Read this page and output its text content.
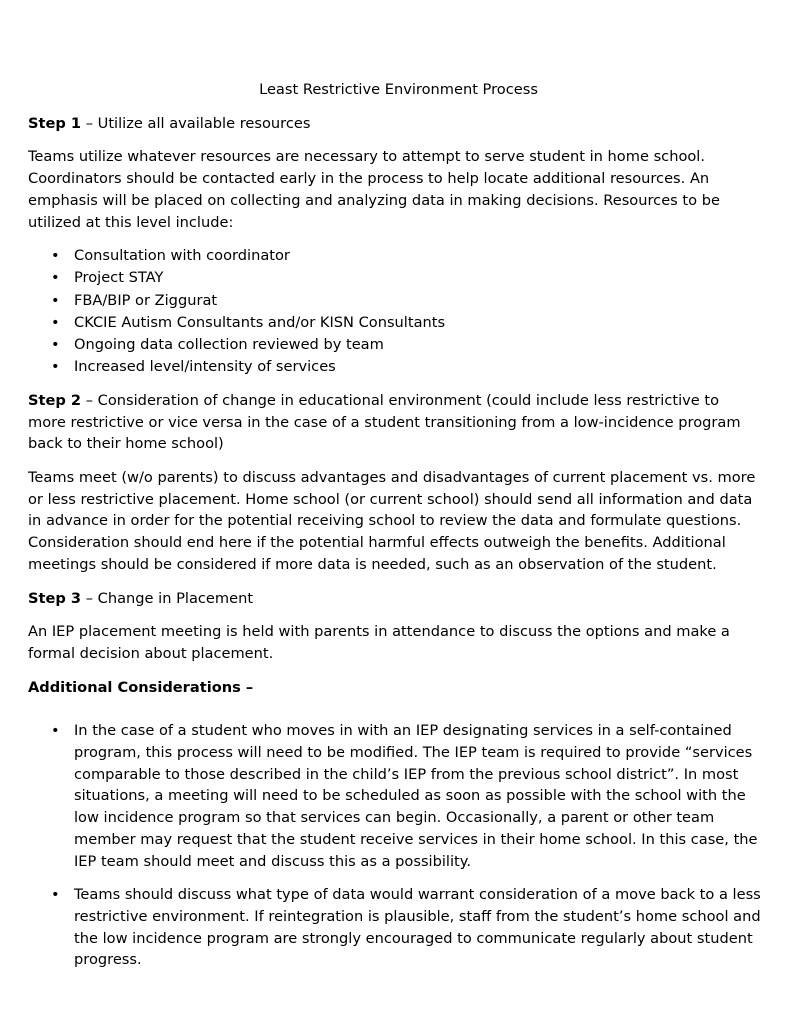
Least Restrictive Environment Process

Step 1 – Utilize all available resources

Teams utilize whatever resources are necessary to attempt to serve student in home school. Coordinators should be contacted early in the process to help locate additional resources. An emphasis will be placed on collecting and analyzing data in making decisions. Resources to be utilized at this level include:

• Consultation with coordinator
• Project STAY
• FBA/BIP or Ziggurat
• CKCIE Autism Consultants and/or KISN Consultants
• Ongoing data collection reviewed by team
• Increased level/intensity of services

Step 2 – Consideration of change in educational environment (could include less restrictive to more restrictive or vice versa in the case of a student transitioning from a low-incidence program back to their home school)

Teams meet (w/o parents) to discuss advantages and disadvantages of current placement vs. more or less restrictive placement. Home school (or current school) should send all information and data in advance in order for the potential receiving school to review the data and formulate questions. Consideration should end here if the potential harmful effects outweigh the benefits. Additional meetings should be considered if more data is needed, such as an observation of the student.

Step 3 – Change in Placement

An IEP placement meeting is held with parents in attendance to discuss the options and make a formal decision about placement.

Additional Considerations –

• In the case of a student who moves in with an IEP designating services in a self-contained program, this process will need to be modified. The IEP team is required to provide “services comparable to those described in the child’s IEP from the previous school district”. In most situations, a meeting will need to be scheduled as soon as possible with the school with the low incidence program so that services can begin. Occasionally, a parent or other team member may request that the student receive services in their home school. In this case, the IEP team should meet and discuss this as a possibility.
• Teams should discuss what type of data would warrant consideration of a move back to a less restrictive environment. If reintegration is plausible, staff from the student’s home school and the low incidence program are strongly encouraged to communicate regularly about student progress.
